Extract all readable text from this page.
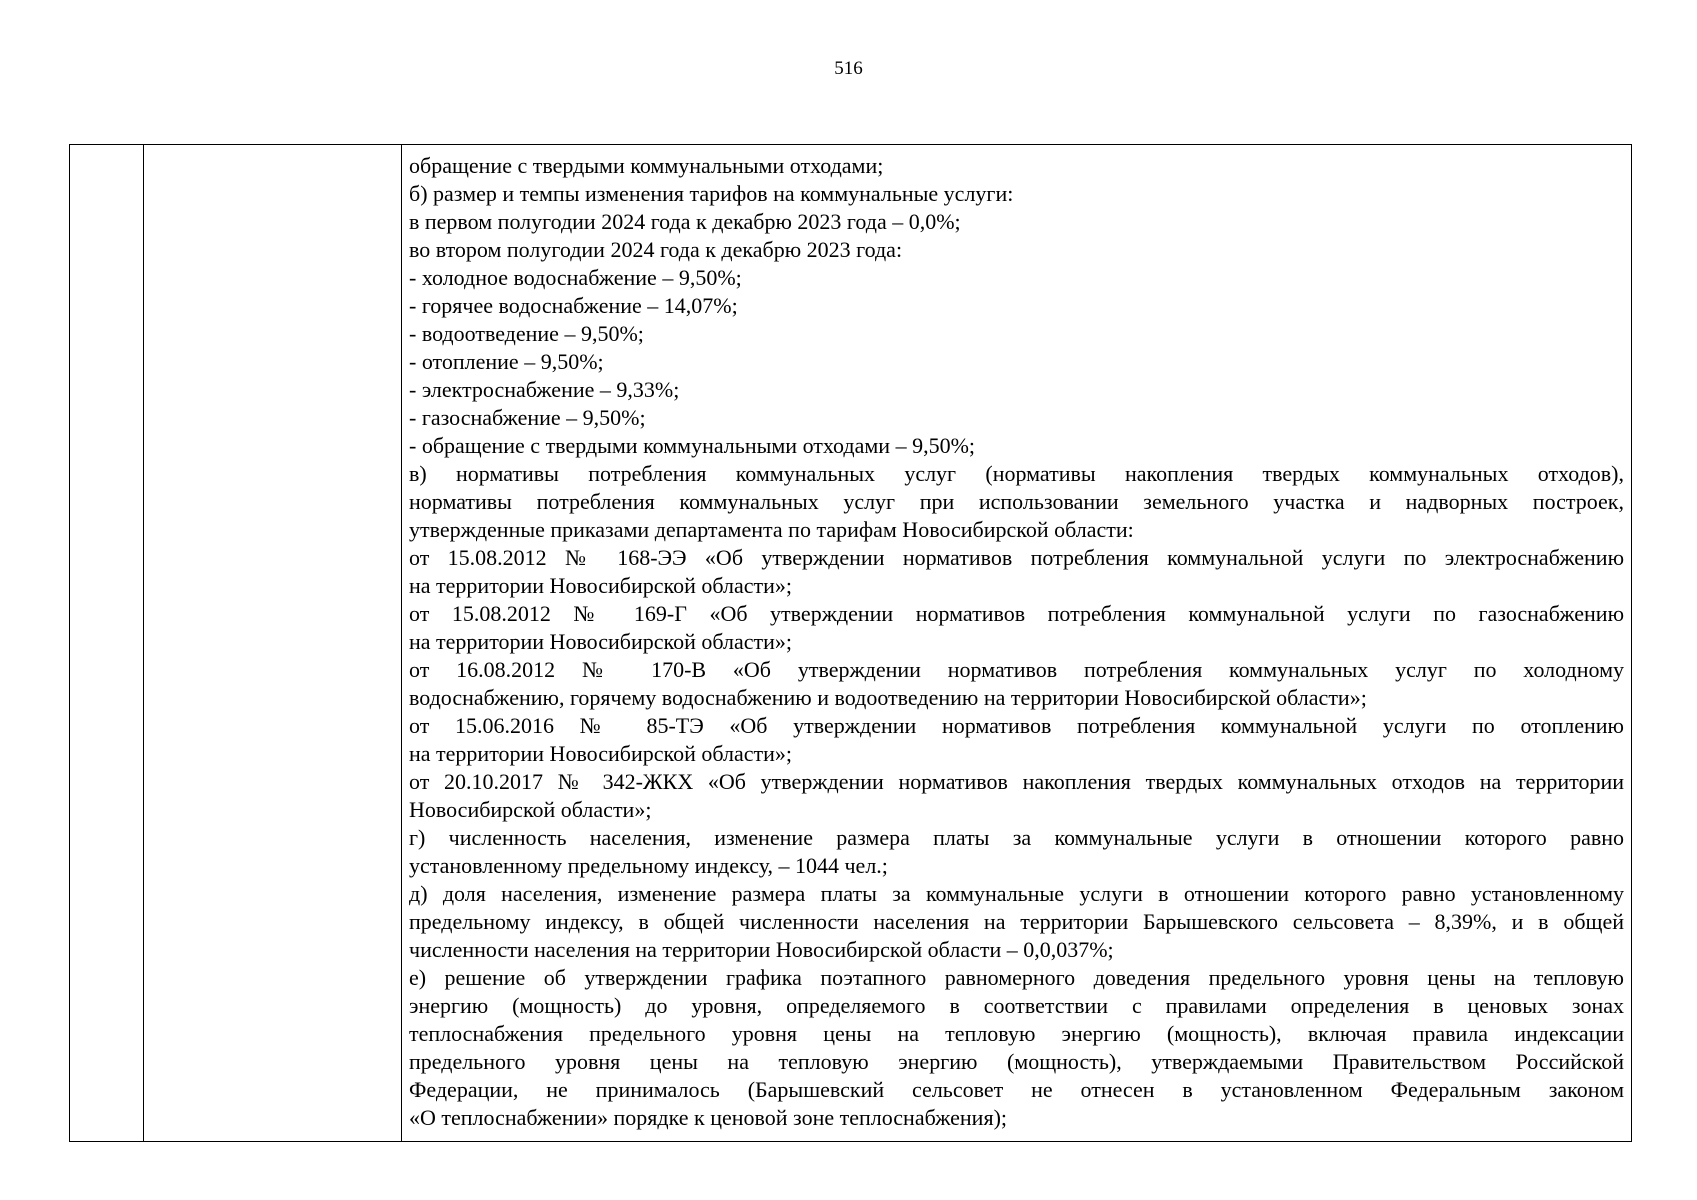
516

обращение с твердыми коммунальными отходами;
б) размер и темпы изменения тарифов на коммунальные услуги:
в первом полугодии 2024 года к декабрю 2023 года – 0,0%;
во втором полугодии 2024 года к декабрю 2023 года:
- холодное водоснабжение – 9,50%;
- горячее водоснабжение – 14,07%;
- водоотведение – 9,50%;
- отопление – 9,50%;
- электроснабжение – 9,33%;
- газоснабжение – 9,50%;
- обращение с твердыми коммунальными отходами – 9,50%;
в) нормативы потребления коммунальных услуг (нормативы накопления твердых коммунальных отходов),
нормативы потребления коммунальных услуг при использовании земельного участка и надворных построек,
утвержденные приказами департамента по тарифам Новосибирской области:
от 15.08.2012 № 168-ЭЭ «Об утверждении нормативов потребления коммунальной услуги по электроснабжению
на территории Новосибирской области»;
от 15.08.2012 № 169-Г «Об утверждении нормативов потребления коммунальной услуги по газоснабжению
на территории Новосибирской области»;
от 16.08.2012 № 170-В «Об утверждении нормативов потребления коммунальных услуг по холодному
водоснабжению, горячему водоснабжению и водоотведению на территории Новосибирской области»;
от 15.06.2016 № 85-ТЭ «Об утверждении нормативов потребления коммунальной услуги по отоплению
на территории Новосибирской области»;
от 20.10.2017 № 342-ЖКХ «Об утверждении нормативов накопления твердых коммунальных отходов на территории
Новосибирской области»;
г) численность населения, изменение размера платы за коммунальные услуги в отношении которого равно
установленному предельному индексу, – 1044 чел.;
д) доля населения, изменение размера платы за коммунальные услуги в отношении которого равно установленному
предельному индексу, в общей численности населения на территории Барышевского сельсовета – 8,39%, и в общей
численности населения на территории Новосибирской области – 0,0,037%;
е) решение об утверждении графика поэтапного равномерного доведения предельного уровня цены на тепловую
энергию (мощность) до уровня, определяемого в соответствии с правилами определения в ценовых зонах
теплоснабжения предельного уровня цены на тепловую энергию (мощность), включая правила индексации
предельного уровня цены на тепловую энергию (мощность), утверждаемыми Правительством Российской
Федерации, не принималось (Барышевский сельсовет не отнесен в установленном Федеральным законом
«О теплоснабжении» порядке к ценовой зоне теплоснабжения);
